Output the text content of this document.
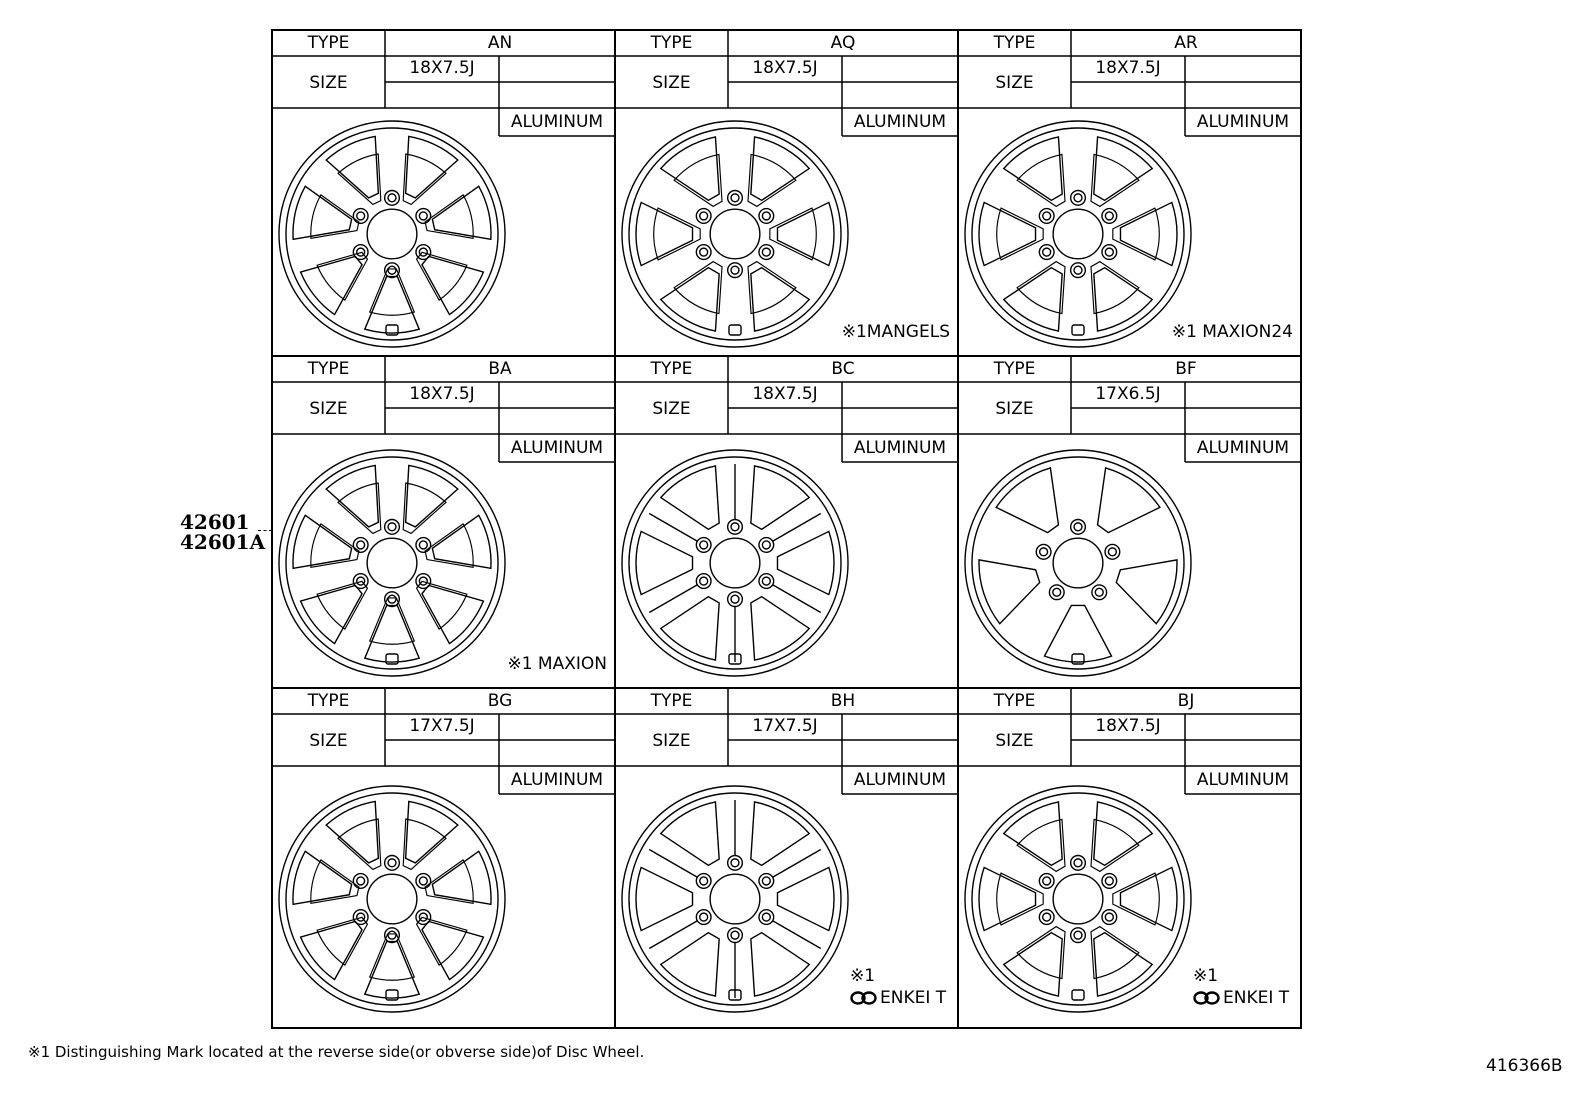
TYPE	AN
SIZE
18X7.5J
ALUMINUM
TYPE	AQ
SIZE
18X7.5J
ALUMINUM
※1MANGELS
TYPE	AR
SIZE
18X7.5J
ALUMINUM
※1 MAXION24
TYPE	BA
SIZE
18X7.5J
ALUMINUM
※1 MAXION
TYPE	BC
SIZE
18X7.5J
ALUMINUM
TYPE	BF
SIZE
17X6.5J
ALUMINUM
TYPE	BG
SIZE
17X7.5J
ALUMINUM
TYPE	BH
SIZE
17X7.5J
ALUMINUM
※1
ENKEI T
TYPE	BJ
SIZE
18X7.5J
ALUMINUM
※1
ENKEI T
42601
42601A
※1 Distinguishing Mark located at the reverse side(or obverse side)of Disc Wheel.
416366B
